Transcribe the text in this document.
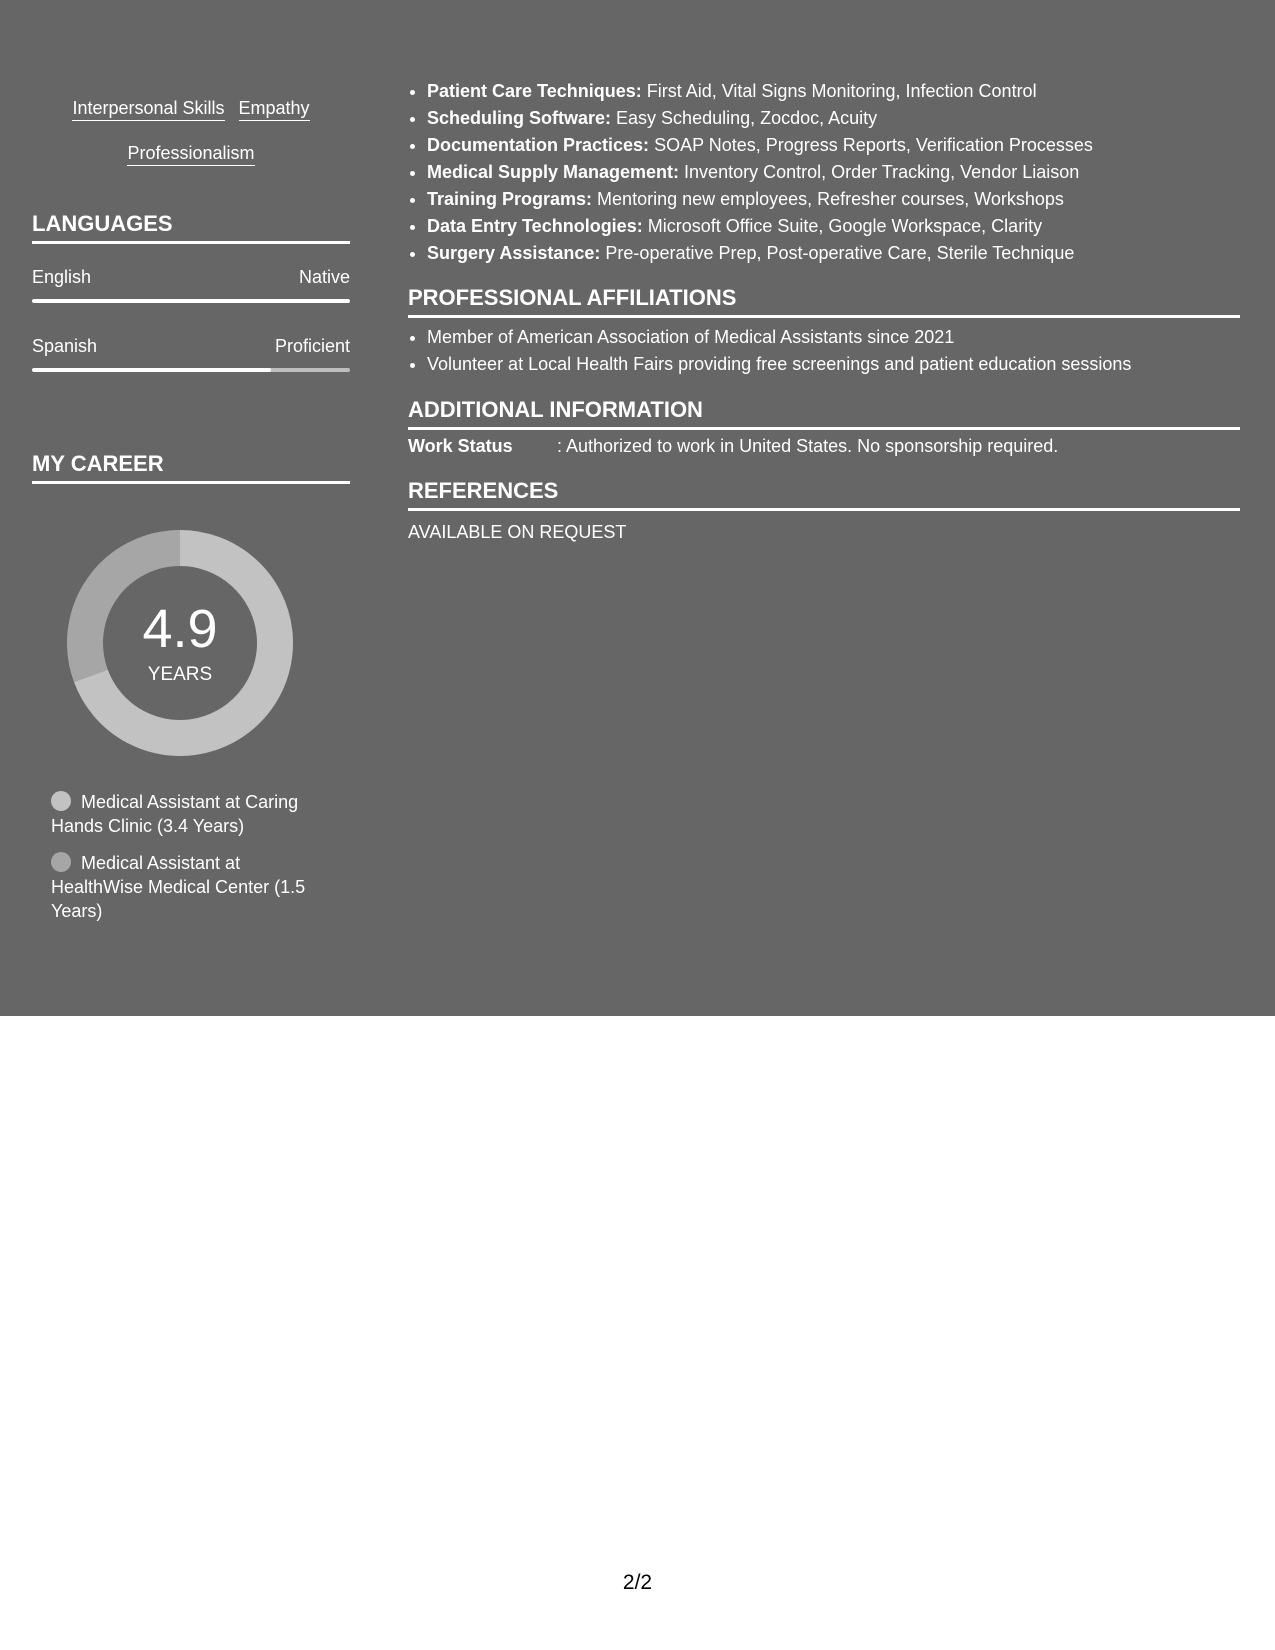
Interpersonal Skills Empathy
Professionalism
LANGUAGES
English	Native
Spanish	Proficient
MY CAREER
4.9
YEARS
Medical Assistant at Caring Hands Clinic (3.4 Years)
Medical Assistant at HealthWise Medical Center (1.5 Years)
• Patient Care Techniques: First Aid, Vital Signs Monitoring, Infection Control
• Scheduling Software: Easy Scheduling, Zocdoc, Acuity
• Documentation Practices: SOAP Notes, Progress Reports, Verification Processes
• Medical Supply Management: Inventory Control, Order Tracking, Vendor Liaison
• Training Programs: Mentoring new employees, Refresher courses, Workshops
• Data Entry Technologies: Microsoft Office Suite, Google Workspace, Clarity
• Surgery Assistance: Pre-operative Prep, Post-operative Care, Sterile Technique
PROFESSIONAL AFFILIATIONS
• Member of American Association of Medical Assistants since 2021
• Volunteer at Local Health Fairs providing free screenings and patient education sessions
ADDITIONAL INFORMATION
Work Status : Authorized to work in United States. No sponsorship required.
REFERENCES
AVAILABLE ON REQUEST
2/2
